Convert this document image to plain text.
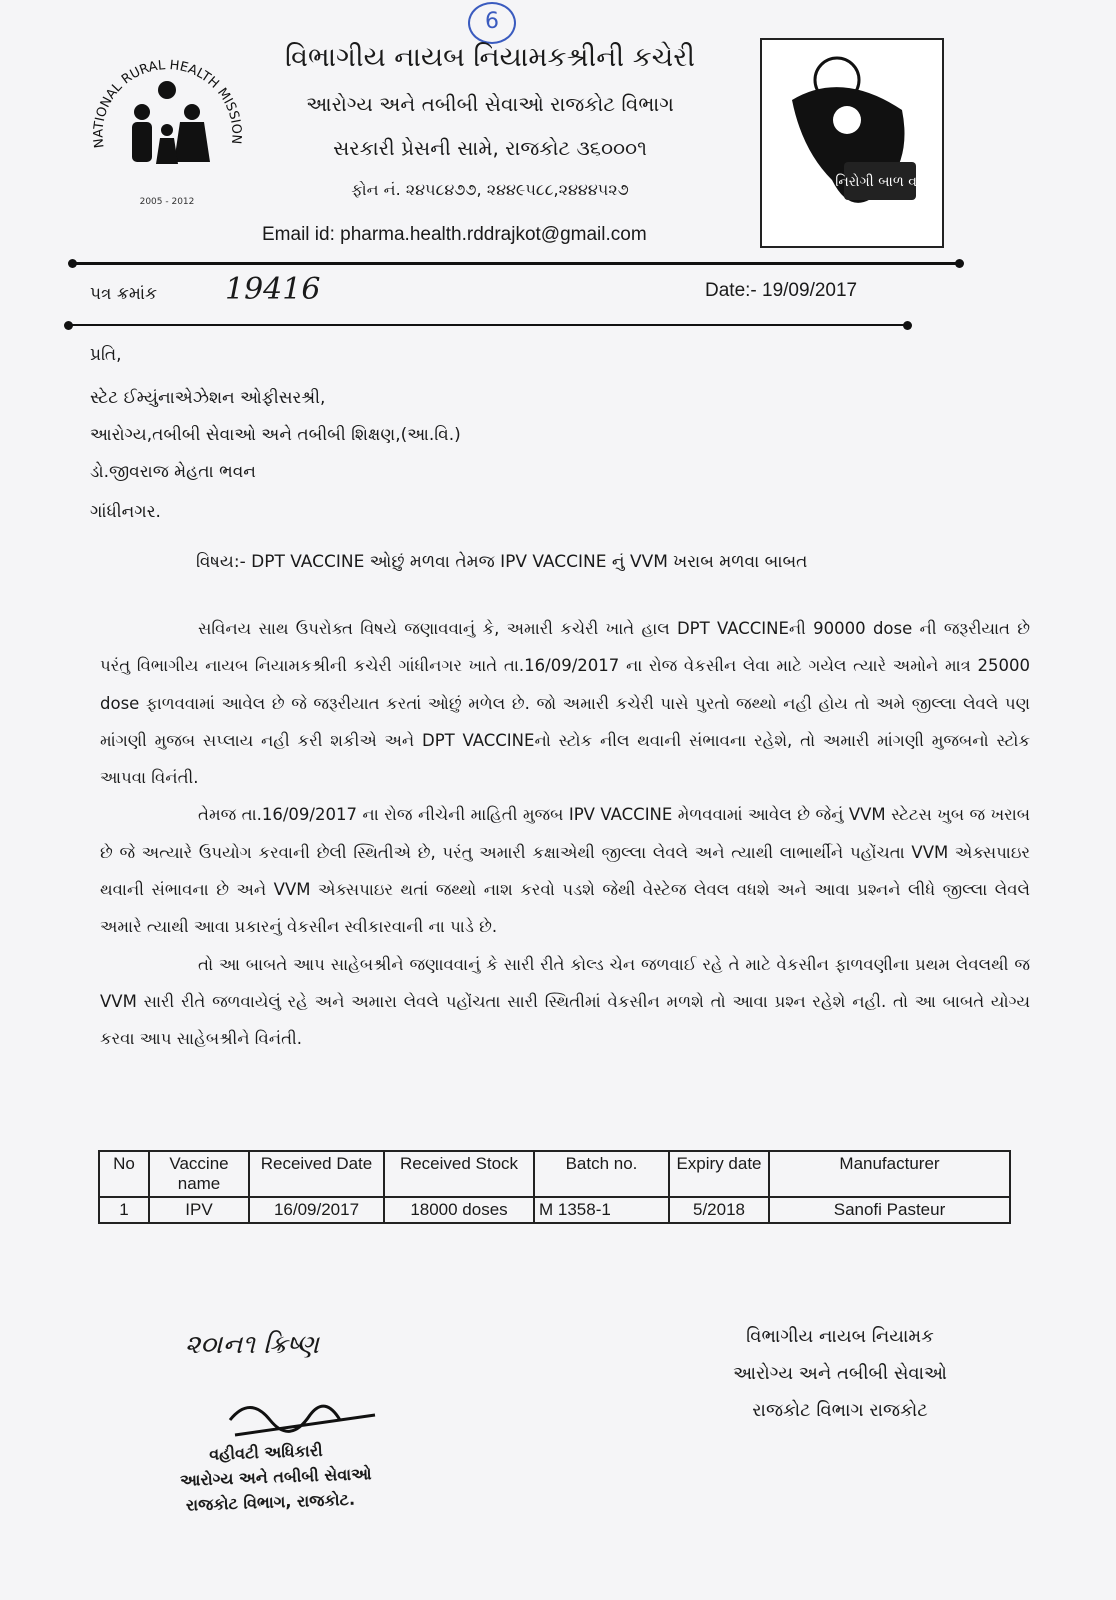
6
NATIONAL RURAL HEALTH MISSION
2005 - 2012
વિભાગીય નાયબ નિયામકશ્રીની કચેરી
આરોગ્ય અને તબીબી સેવાઓ રાજકોટ વિભાગ
સરકારી પ્રેસની સામે, રાજકોટ ૩૬૦૦૦૧
ફોન નં. ૨૪૫૮૪૭૭, ૨૪૪૯૫૮૮,૨૪૪૪૫૨૭
Email id: pharma.health.rddrajkot@gmail.com
નિરોગી બાળ વર્ષ
પત્ર ક્રમાંક 19416	Date:- 19/09/2017
પ્રતિ,
સ્ટેટ ઈમ્યુંનાએઝેશન ઓફીસરશ્રી,
આરોગ્ય,તબીબી સેવાઓ અને તબીબી શિક્ષણ,(આ.વિ.)
ડો.જીવરાજ મેહતા ભવન
ગાંધીનગર.
વિષય:- DPT VACCINE ઓછું મળવા તેમજ IPV VACCINE નું VVM ખરાબ મળવા બાબત

સવિનય સાથ ઉપરોક્ત વિષયે જણાવવાનું કે, અમારી કચેરી ખાતે હાલ DPT VACCINEની 90000 dose ની જરૂરીયાત છે પરંતુ વિભાગીય નાયબ નિયામકશ્રીની કચેરી ગાંધીનગર ખાતે તા.16/09/2017 ના રોજ વેકસીન લેવા માટે ગયેલ ત્યારે અમોને માત્ર 25000 dose ફાળવવામાં આવેલ છે જે જરૂરીયાત કરતાં ઓછું મળેલ છે. જો અમારી કચેરી પાસે પુરતો જથ્થો નહી હોય તો અમે જીલ્લા લેવલે પણ માંગણી મુજબ સપ્લાય નહી કરી શકીએ અને DPT VACCINEનો સ્ટોક નીલ થવાની સંભાવના રહેશે, તો અમારી માંગણી મુજબનો સ્ટોક આપવા વિનંતી.

તેમજ તા.16/09/2017 ના રોજ નીચેની માહિતી મુજબ IPV VACCINE મેળવવામાં આવેલ છે જેનું VVM સ્ટેટસ ખુબ જ ખરાબ છે જે અત્યારે ઉપયોગ કરવાની છેલી સ્થિતીએ છે, પરંતુ અમારી કક્ષાએથી જીલ્લા લેવલે અને ત્યાથી લાભાર્થીને પહોંચતા VVM એક્સપાઇર થવાની સંભાવના છે અને VVM એક્સપાઇર થતાં જથ્થો નાશ કરવો પડશે જેથી વેસ્ટેજ લેવલ વધશે અને આવા પ્રશ્નને લીધે જીલ્લા લેવલે અમારે ત્યાથી આવા પ્રકારનું વેકસીન સ્વીકારવાની ના પાડે છે.

તો આ બાબતે આપ સાહેબશ્રીને જણાવવાનું કે સારી રીતે કોલ્ડ ચેન જળવાઈ રહે તે માટે વેકસીન ફાળવણીના પ્રથમ લેવલથી જ VVM સારી રીતે જળવાયેલું રહે અને અમારા લેવલે પહોંચતા સારી સ્થિતીમાં વેકસીન મળશે તો આવા પ્રશ્ન રહેશે નહી. તો આ બાબતે યોગ્ય કરવા આપ સાહેબશ્રીને વિનંતી.

No	Vaccine name	Received Date	Received Stock	Batch no.	Expiry date	Manufacturer
1	IPV	16/09/2017	18000 doses	M 1358-1	5/2018	Sanofi Pasteur
૨૦।ન૧ ક્રિષ્ણ
વહીવટી અધિકારી
આરોગ્ય અને તબીબી સેવાઓ
રાજકોટ વિભાગ, રાજકોટ.
વિભાગીય નાયબ નિયામક
આરોગ્ય અને તબીબી સેવાઓ
રાજકોટ વિભાગ રાજકોટ
